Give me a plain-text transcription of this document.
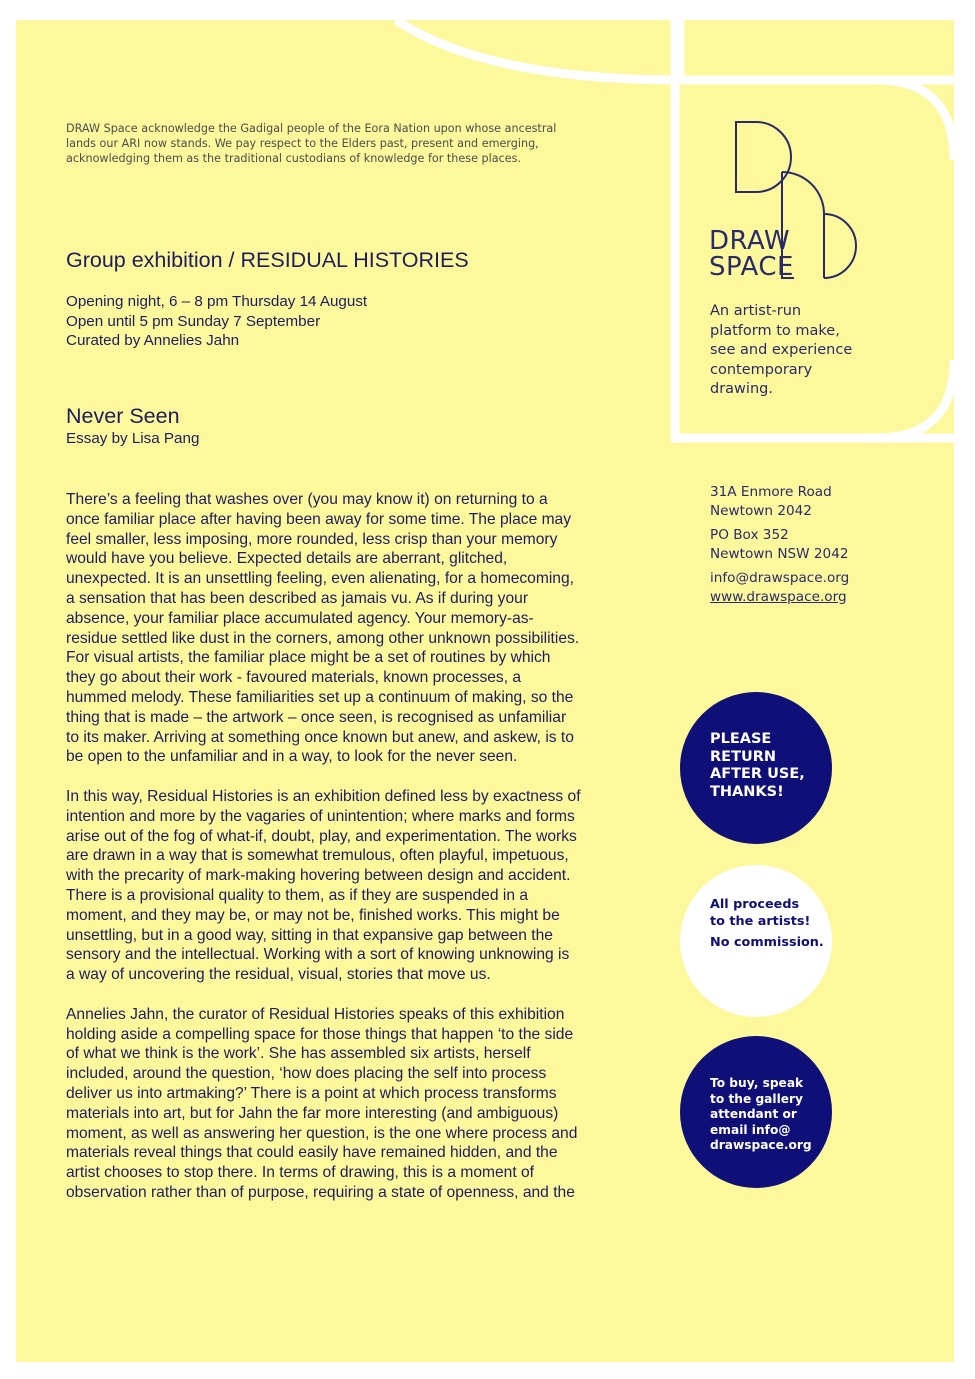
DRAW Space acknowledge the Gadigal people of the Eora Nation upon whose ancestral
lands our ARI now stands. We pay respect to the Elders past, present and emerging,
acknowledging them as the traditional custodians of knowledge for these places.
Group exhibition / RESIDUAL HISTORIES
Opening night, 6 – 8 pm Thursday 14 August
Open until 5 pm Sunday 7 September
Curated by Annelies Jahn
Never Seen
Essay by Lisa Pang
There’s a feeling that washes over (you may know it) on returning to a
once familiar place after having been away for some time. The place may
feel smaller, less imposing, more rounded, less crisp than your memory
would have you believe. Expected details are aberrant, glitched,
unexpected. It is an unsettling feeling, even alienating, for a homecoming,
a sensation that has been described as jamais vu. As if during your
absence, your familiar place accumulated agency. Your memory-as-
residue settled like dust in the corners, among other unknown possibilities.
For visual artists, the familiar place might be a set of routines by which
they go about their work - favoured materials, known processes, a
hummed melody. These familiarities set up a continuum of making, so the
thing that is made – the artwork – once seen, is recognised as unfamiliar
to its maker. Arriving at something once known but anew, and askew, is to
be open to the unfamiliar and in a way, to look for the never seen.
In this way, Residual Histories is an exhibition defined less by exactness of
intention and more by the vagaries of unintention; where marks and forms
arise out of the fog of what-if, doubt, play, and experimentation. The works
are drawn in a way that is somewhat tremulous, often playful, impetuous,
with the precarity of mark-making hovering between design and accident.
There is a provisional quality to them, as if they are suspended in a
moment, and they may be, or may not be, finished works. This might be
unsettling, but in a good way, sitting in that expansive gap between the
sensory and the intellectual. Working with a sort of knowing unknowing is
a way of uncovering the residual, visual, stories that move us.
Annelies Jahn, the curator of Residual Histories speaks of this exhibition
holding aside a compelling space for those things that happen ‘to the side
of what we think is the work’. She has assembled six artists, herself
included, around the question, ‘how does placing the self into process
deliver us into artmaking?’ There is a point at which process transforms
materials into art, but for Jahn the far more interesting (and ambiguous)
moment, as well as answering her question, is the one where process and
materials reveal things that could easily have remained hidden, and the
artist chooses to stop there. In terms of drawing, this is a moment of
observation rather than of purpose, requiring a state of openness, and the
DRAW
SPACE
An artist-run
platform to make,
see and experience
contemporary
drawing.
31A Enmore Road
Newtown 2042
PO Box 352
Newtown NSW 2042
info@drawspace.org
www.drawspace.org
PLEASE
RETURN
AFTER USE,
THANKS!
All proceeds
to the artists!
No commission.
To buy, speak
to the gallery
attendant or
email info@
drawspace.org
